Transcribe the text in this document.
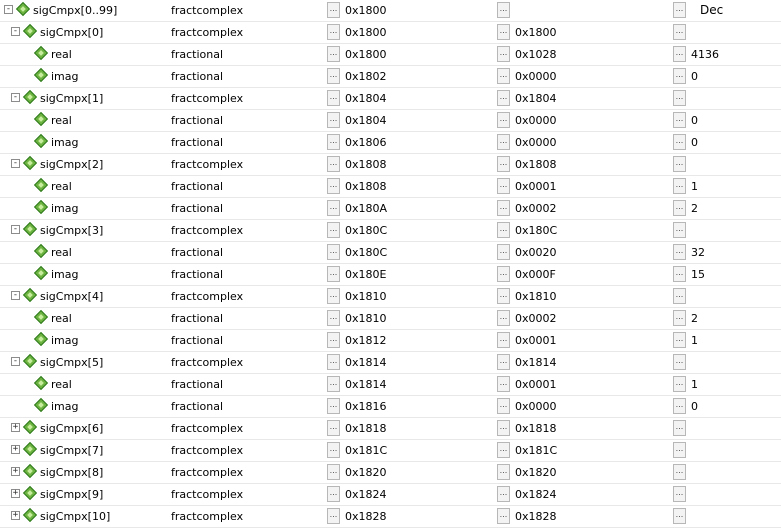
- sigCmpx[0..99]	fractcomplex	... 0x1800	...	... Dec
- sigCmpx[0]	fractcomplex	... 0x1800	... 0x1800	...
real	fractional	... 0x1800	... 0x1028	... 4136
imag	fractional	... 0x1802	... 0x0000	... 0
- sigCmpx[1]	fractcomplex	... 0x1804	... 0x1804	...
real	fractional	... 0x1804	... 0x0000	... 0
imag	fractional	... 0x1806	... 0x0000	... 0
- sigCmpx[2]	fractcomplex	... 0x1808	... 0x1808	...
real	fractional	... 0x1808	... 0x0001	... 1
imag	fractional	... 0x180A	... 0x0002	... 2
- sigCmpx[3]	fractcomplex	... 0x180C	... 0x180C	...
real	fractional	... 0x180C	... 0x0020	... 32
imag	fractional	... 0x180E	... 0x000F	... 15
- sigCmpx[4]	fractcomplex	... 0x1810	... 0x1810	...
real	fractional	... 0x1810	... 0x0002	... 2
imag	fractional	... 0x1812	... 0x0001	... 1
- sigCmpx[5]	fractcomplex	... 0x1814	... 0x1814	...
real	fractional	... 0x1814	... 0x0001	... 1
imag	fractional	... 0x1816	... 0x0000	... 0
+ sigCmpx[6]	fractcomplex	... 0x1818	... 0x1818	...
+ sigCmpx[7]	fractcomplex	... 0x181C	... 0x181C	...
+ sigCmpx[8]	fractcomplex	... 0x1820	... 0x1820	...
+ sigCmpx[9]	fractcomplex	... 0x1824	... 0x1824	...
+ sigCmpx[10]	fractcomplex	... 0x1828	... 0x1828	...
